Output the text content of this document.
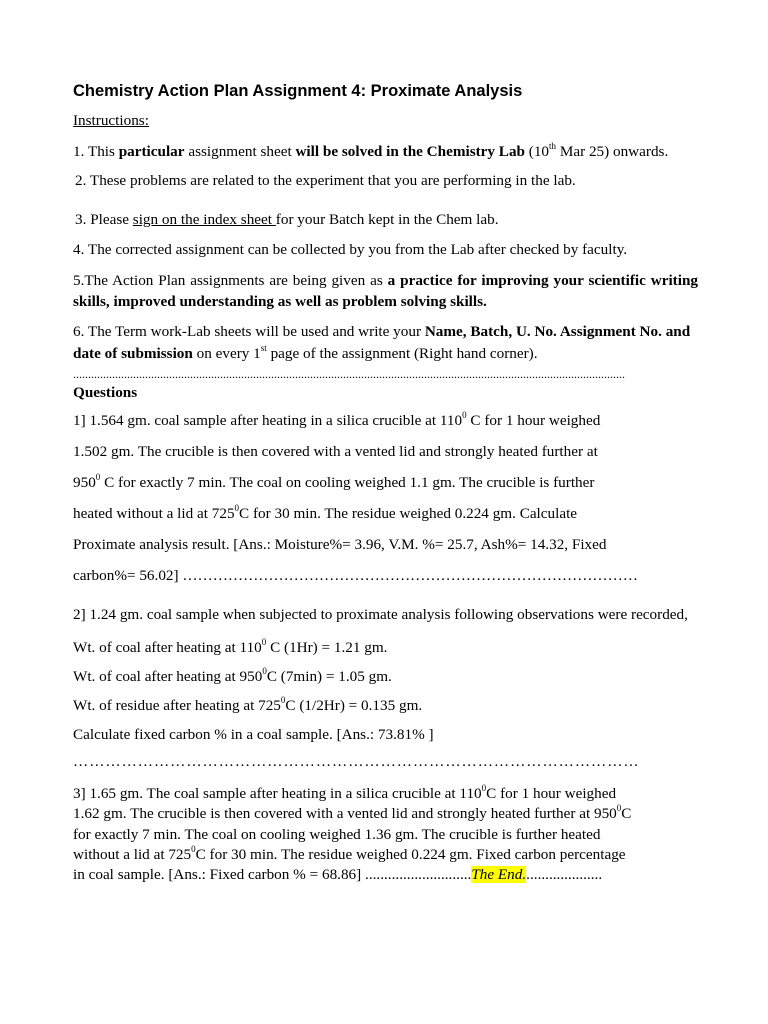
Chemistry Action Plan Assignment 4: Proximate Analysis
Instructions:
1. This particular assignment sheet will be solved in the Chemistry Lab (10th Mar 25) onwards.
2. These problems are related to the experiment that you are performing in the lab.
3. Please sign on the index sheet for your Batch kept in the Chem lab.
4. The corrected assignment can be collected by you from the Lab after checked by faculty.
5.The Action Plan assignments are being given as a practice for improving your scientific writing skills, improved understanding as well as problem solving skills.
6. The Term work-Lab sheets will be used and write your Name, Batch, U. No. Assignment No. and date of submission on every 1st page of the assignment (Right hand corner).
........................................................................................................................................................................................
Questions
1] 1.564 gm. coal sample after heating in a silica crucible at $110^0$ C for 1 hour weighed
1.502 gm. The crucible is then covered with a vented lid and strongly heated further at
$950^0$ C for exactly 7 min. The coal on cooling weighed 1.1 gm. The crucible is further
heated without a lid at $725^0C$ for 30 min. The residue weighed 0.224 gm. Calculate
Proximate analysis result. [Ans.: Moisture%= 3.96, V.M. %= 25.7, Ash%= 14.32, Fixed
carbon%= 56.02] ………………………………………………………………………………
2] 1.24 gm. coal sample when subjected to proximate analysis following observations were recorded,
Wt. of coal after heating at $110^0$ C (1Hr) = 1.21 gm.
Wt. of coal after heating at $950^0C$ (7min) = 1.05 gm.
Wt. of residue after heating at $725^0C$ (1/2Hr) = 0.135 gm.
Calculate fixed carbon % in a coal sample. [Ans.: 73.81% ]
……………………………………………………………………………………………
3] 1.65 gm. The coal sample after heating in a silica crucible at $110^0C$ for 1 hour weighed
1.62 gm. The crucible is then covered with a vented lid and strongly heated further at $950^0C$
for exactly 7 min. The coal on cooling weighed 1.36 gm. The crucible is further heated
without a lid at $725^0C$ for 30 min. The residue weighed 0.224 gm. Fixed carbon percentage
in coal sample. [Ans.: Fixed carbon % = 68.86] ............................The End.....................
